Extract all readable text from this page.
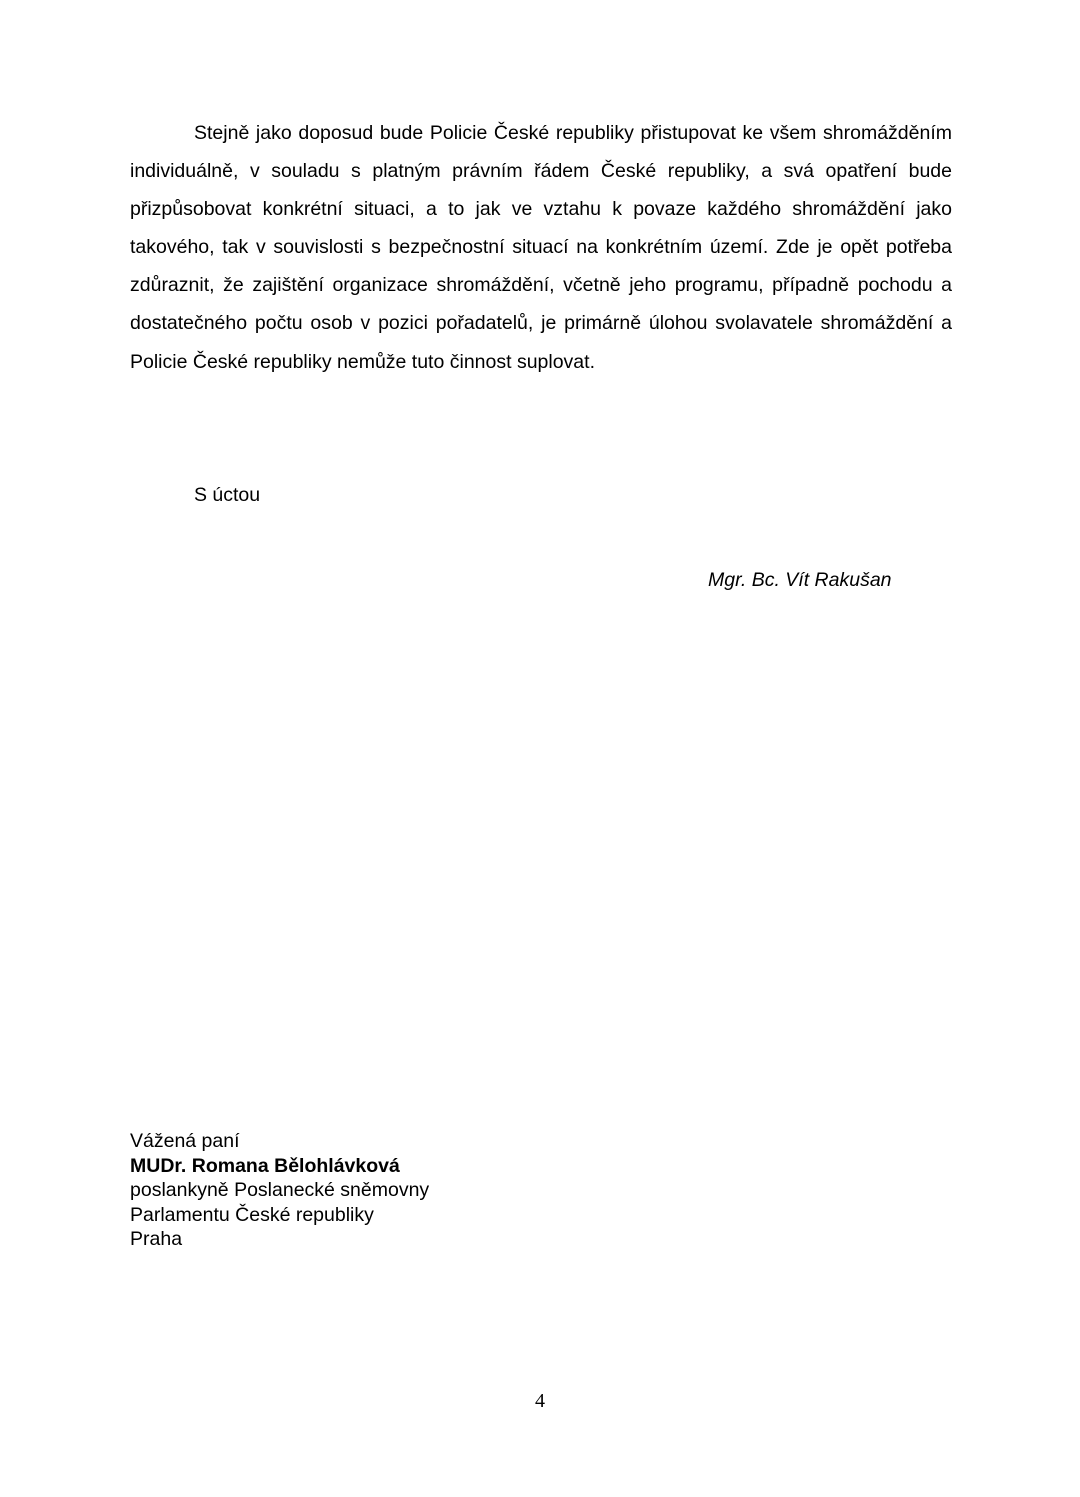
Stejně jako doposud bude Policie České republiky přistupovat ke všem shromážděním individuálně, v souladu s platným právním řádem České republiky, a svá opatření bude přizpůsobovat konkrétní situaci, a to jak ve vztahu k povaze každého shromáždění jako takového, tak v souvislosti s bezpečnostní situací na konkrétním území. Zde je opět potřeba zdůraznit, že zajištění organizace shromáždění, včetně jeho programu, případně pochodu a dostatečného počtu osob v pozici pořadatelů, je primárně úlohou svolavatele shromáždění a Policie České republiky nemůže tuto činnost suplovat.

S úctou

Mgr. Bc. Vít Rakušan

Vážená paní
MUDr. Romana Bělohlávková
poslankyně Poslanecké sněmovny
Parlamentu České republiky
Praha
4
